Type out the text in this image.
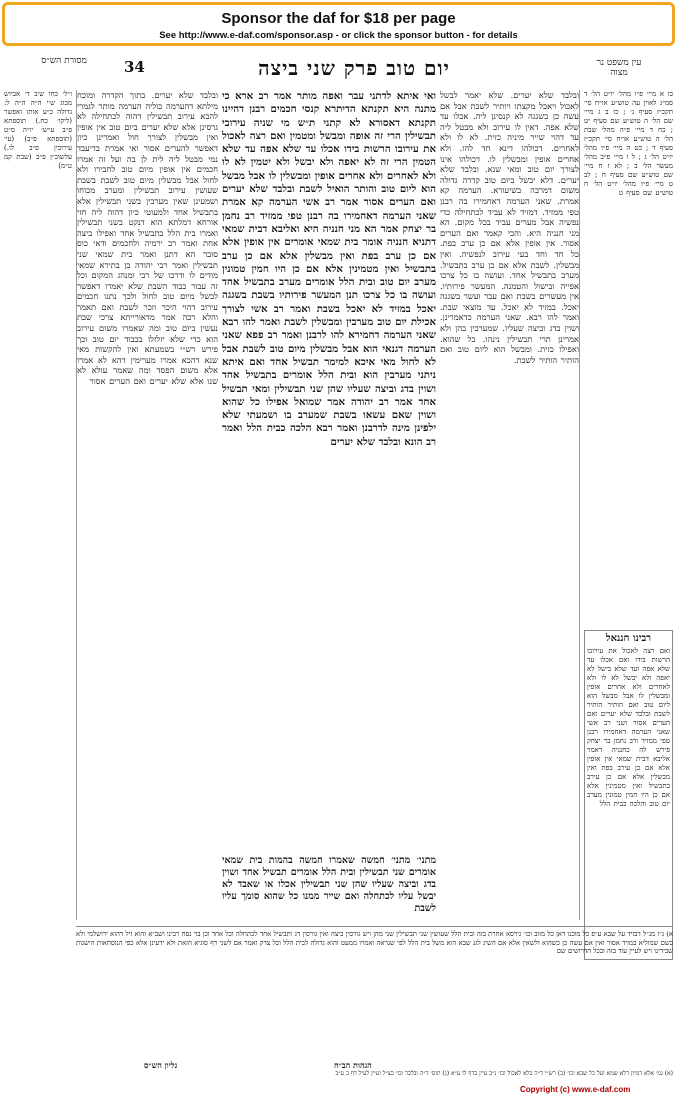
Sponsor the daf for $18 per page
See http://www.e-daf.com/sponsor.asp - or click the sponsor button - for details
מסורת הש״ס	34	יום טוב פרק שני ביצה	עין משפט נר מצוה
ו״ל׳ כחו ש׳ב ד׳ אביוש מבוג ש׳י ה״ה ה״ה ל: גדולה כ״ע אותו ואפשר (ליקו׳ כח.) תוספתא פ״ב ע״ש׳ יו״ה ס״ט (תוספתא פ״ב) (עי׳ עירובין פ״ב לו.) עלשוכ״ן פ״ב (שבת קמ ט״מ)
ובלבד שלא יערים. בתוך הקדרה ומוכח מילתא דהערמה כוליה הערמה מותר לגמרי להבא עירוב תבשילין דהוה לכתחילה לא גרסינן אלא שלא יערים ביום טוב אין אופין ואין מבשלין לצורך חול ואמרינן כיון דאפשר להערים אסור ואי אמרת בדיעבד נמי מבטל ליה לית לן בה ועל זה אמרו חכמים אין אופין מיום טוב לחבירו ולא לחול אבל מבשלין מיום טוב לשבת בשבת שעושין עירוב תבשילין ומערב מכוחו ושמעינן שאין מערבין בשני תבשילין אלא בתבשיל אחד ולמעוטי כיון דהוה ליה חזי אורחא דמלתא הוא דנקט בשני תבשילין ואמרו בית הלל בתבשיל אחד ואפילו ביצה אחת ואמר רב ירמיה ולחכמים ודאי כוס סובר הא דתנן ואמר בית שמאי שני תבשילין ואמר רבי יהודה בן בתירא שמאי מודים לו ודרכו של רבי ומנהג המקום וכל זה עבור כבוד השבת שלא יאמרו דאפשר לבשל מיום טוב לחול ולכך נתנו חכמים עירוב דהוי היכר וזכר לשבת ואם תאמר והלא רבה אמר מדאורייתא צרכי שבת נעשין ביום טוב ומה שאמרו משום עירוב הוא כדי שלא יזלזלו בכבוד יום טוב וכך פירש רש״י בשמעתא ואין להקשות מאי שנא דהכא אמרו מערימין דהא לא אמרו אלא משום הפסד ומה שאמר עולא לא שנו אלא שלא יערים ואם הערים אסור
ואי איתא לדתני עבר ואפה מותר אמר רב ארא כי מתנה היא תקנתא הדיתרא קנסי חכמים רבנן דהיינו תקנתא דאסורא לא קתני ת״ש מי שניה עירובי תבשילין הרי זה אופה ומבשל ומטמין ואם רצה לאכול את עירובו הרשות בידו אכלו עד שלא אפה עד שלא הטמין הרי זה לא יאפה ולא יבשל ולא יטמין לא לו ולא לאחרים ולא אחרים אופין ומבשלין לו אבל מבשל הוא ליום טוב והותר הואיל לשבת ובלבד שלא יערים ואם הערים אסור אמר רב אשי הערמה קא אמרת שאני הערמה דאחמירו בה רבנן טפי ממזיד רב נחמן בר יצחק אמר הא מני חנניה היא ואליבא דבית שמאי דתניא חנניה אומר בית שמאי אומרים אין אופין אלא אם כן ערב בפת ואין מבשלין אלא אם כן ערב בתבשיל ואין מטמינין אלא אם כן היו חמין טמונין מערב יום טוב ובית הלל אומרים מערב בתבשיל אחד ועושה בו כל צרכו תנן המעשר פירותיו בשבת בשגגה יאכל במזיד לא יאכל בשבת ואמר רב אשי לצורך אכילת יום טוב מערבין ומבשלין לשבת ואמר להו רבא שאני הערמה דחמירא להו לרבנן ואמר רב פפא שאני הערמה דגנאי הוא אבל מבשלין מיום טוב לשבת אבל לא לחול מאי איכא למימר תבשיל אחד ואם איתא ניתני מערבין הוא ובית הלל אומרים בתבשיל אחד ושוין בדג וביצה שעליו שהן שני תבשילין ומאי תבשיל אחד אמר רב יהודה אמר שמואל אפילו כל שהוא ושוין שאם עשאו בשבת שמערב בו ושמעתי שלא ילפינן מינה לדרבנן ואמר רבא הלכה כבית הלל ואמר רב הונא ובלבד שלא יערים
ובלבד שלא יערים. שלא יאמר לבשל לאכול ויאכל מקצתו ויותיר לשבת אבל אם עשה כן בשגגה לא קנסינן ליה. אכלו עד שלא אפה. דאין לו עירוב ולא מבטל ליה עד דהוי שייר מיניה כזית. לא לו ולא לאחרים. דכולהו דינא חד להו. ולא אחרים אופין ומבשלין לו. דכולהו אינו לצורך יום טוב ומאי שנא. ובלבד שלא יערים. דלא יבשל ביום טוב קדרה גדולה משום דמרבה בשיעורא. הערמה קא אמרת. שאני הערמה דאחמירו בה רבנן טפי ממזיד. דמזיד לא עביד לכתחילה כדי נפשיה אבל מערים עביד בכל מקום. הא מני חנניה היא. והכי קאמר ואם הערים אסור. אין אופין אלא אם כן ערב בפת. כל חד וחד בעי עירוב לנפשיה. ואין מבשלין. לשבת אלא אם כן ערב בתבשיל. מערב בתבשיל אחד. ועושה בו כל צרכו אפייה ובישול והטמנה. המעשר פירותיו. אין מעשרים בשבת ואם עבר ועשר בשגגה יאכל. במזיד לא יאכל. עד מוצאי שבת. ואמר להו רבא. שאני הערמה כדאמרינן. ושוין בדג וביצה שעליו. שמערבין בהן ולא אמרינן תרי תבשילין נינהו. כל שהוא. ואפילו כזית. ומבשל הוא ליום טוב ואם הותיר הותיר לשבת.
כו א מיי׳ פ״ו מהל׳ יו״ט הל׳ ד סמ״ג לאוין עה טוש״ע או״ח סי׳ תקכ״ז סעיף ג׳ ; כז ב ג מיי׳ שם הל׳ ה טוש״ע שם סעיף יט ; כח ד מיי׳ פ״ה מהל׳ שבת הל׳ ה טוש״ע או״ח סי׳ תקכ״ז סעיף ד ; כט ה מיי׳ פ״ו מהל׳ יו״ט הל׳ ג ; ל ו מיי׳ פ״ב מהל׳ מעשר הל׳ ב ; לא ז ח מיי׳ שם טוש״ע שם סעיף ח ; לב ט מיי׳ פ״ו מהל׳ יו״ט הל׳ ח טוש״ע שם סעיף ט
רבינו חננאל
ואם רצה לאכול את עירובו הרשות בידו ואם אכלו עד שלא אפה ועד שלא בישל לא יאפה ולא יבשל לא לו ולא לאחרים ולא אחרים אופין ומבשלין לו אבל מבשל הוא ליום טוב ואם הותיר הותיר לשבת ובלבד שלא יערים ואם הערים אסור ושני רב אשי שאני הערמה דאחמירו רבנן טפי ממזיד ורב נחמן בר יצחק פירש לה כחנניה דאמר אליבא דבית שמאי אין אופין אלא אם כן עירב בפת ואין מבשלין אלא אם כן עירב בתבשיל ואין מטמינין אלא אם כן היו חמין טמונין מערב יום טוב והלכה כבית הלל
מתני׳ מתני׳ חמשה שאמרו חמשה בהמות בית שמאי אומרים שני תבשילין ובית הלל אומרים תבשיל אחד ושוין בדג וביצה שעליו שהן שני תבשילין אכלו או שאבד לא יבשל עליו לכתחלה ואם שייר ממנו כל שהוא סומך עליו לשבת
א) ג״ז מנ״ל דבזיד על שבא ע״פ כל מוכנו דאן כל מזוב וכו׳ גירסא אחרת בזה ובית הלל שעושין שני תבשילין שני מהן ויש גורסין ביצה ואין גורסין דג ותבשיל אחד לכתחלה וכל אחד וכן בר נסח רבינו ושב״א והוא זיל דהוא ירושלמי ולא כשם שמוליא במזיד אסור ואין אם עשה כן כשהוא ולשאין אלא אם השיג לגג שבא הוא משל בית הלל לפי שנראה ואמרו ממעט והוא גדולה לבית הלל וכל צדק ואמר אם לשני דף סוגיא הזאת ולא ידעינן אלא כפי הנוסחאות הישנות שבידינו ויש לעיין עוד בזה ובכל הדרושים שם
הגהות הב״ח
גליון הש״ס
(א) גמ׳ אלא דמיון דלא שמא ועל כל שבא וכו׳ (ב) רש״י ד״ה בלא לאכול וכו׳ נ״ב עיין בדף לו ע״א (ג) תוס׳ ד״ה ובלבד וכו׳ כצ״ל ועיין לעיל דף ב ע״ב
Copyright (c) www.e-daf.com
